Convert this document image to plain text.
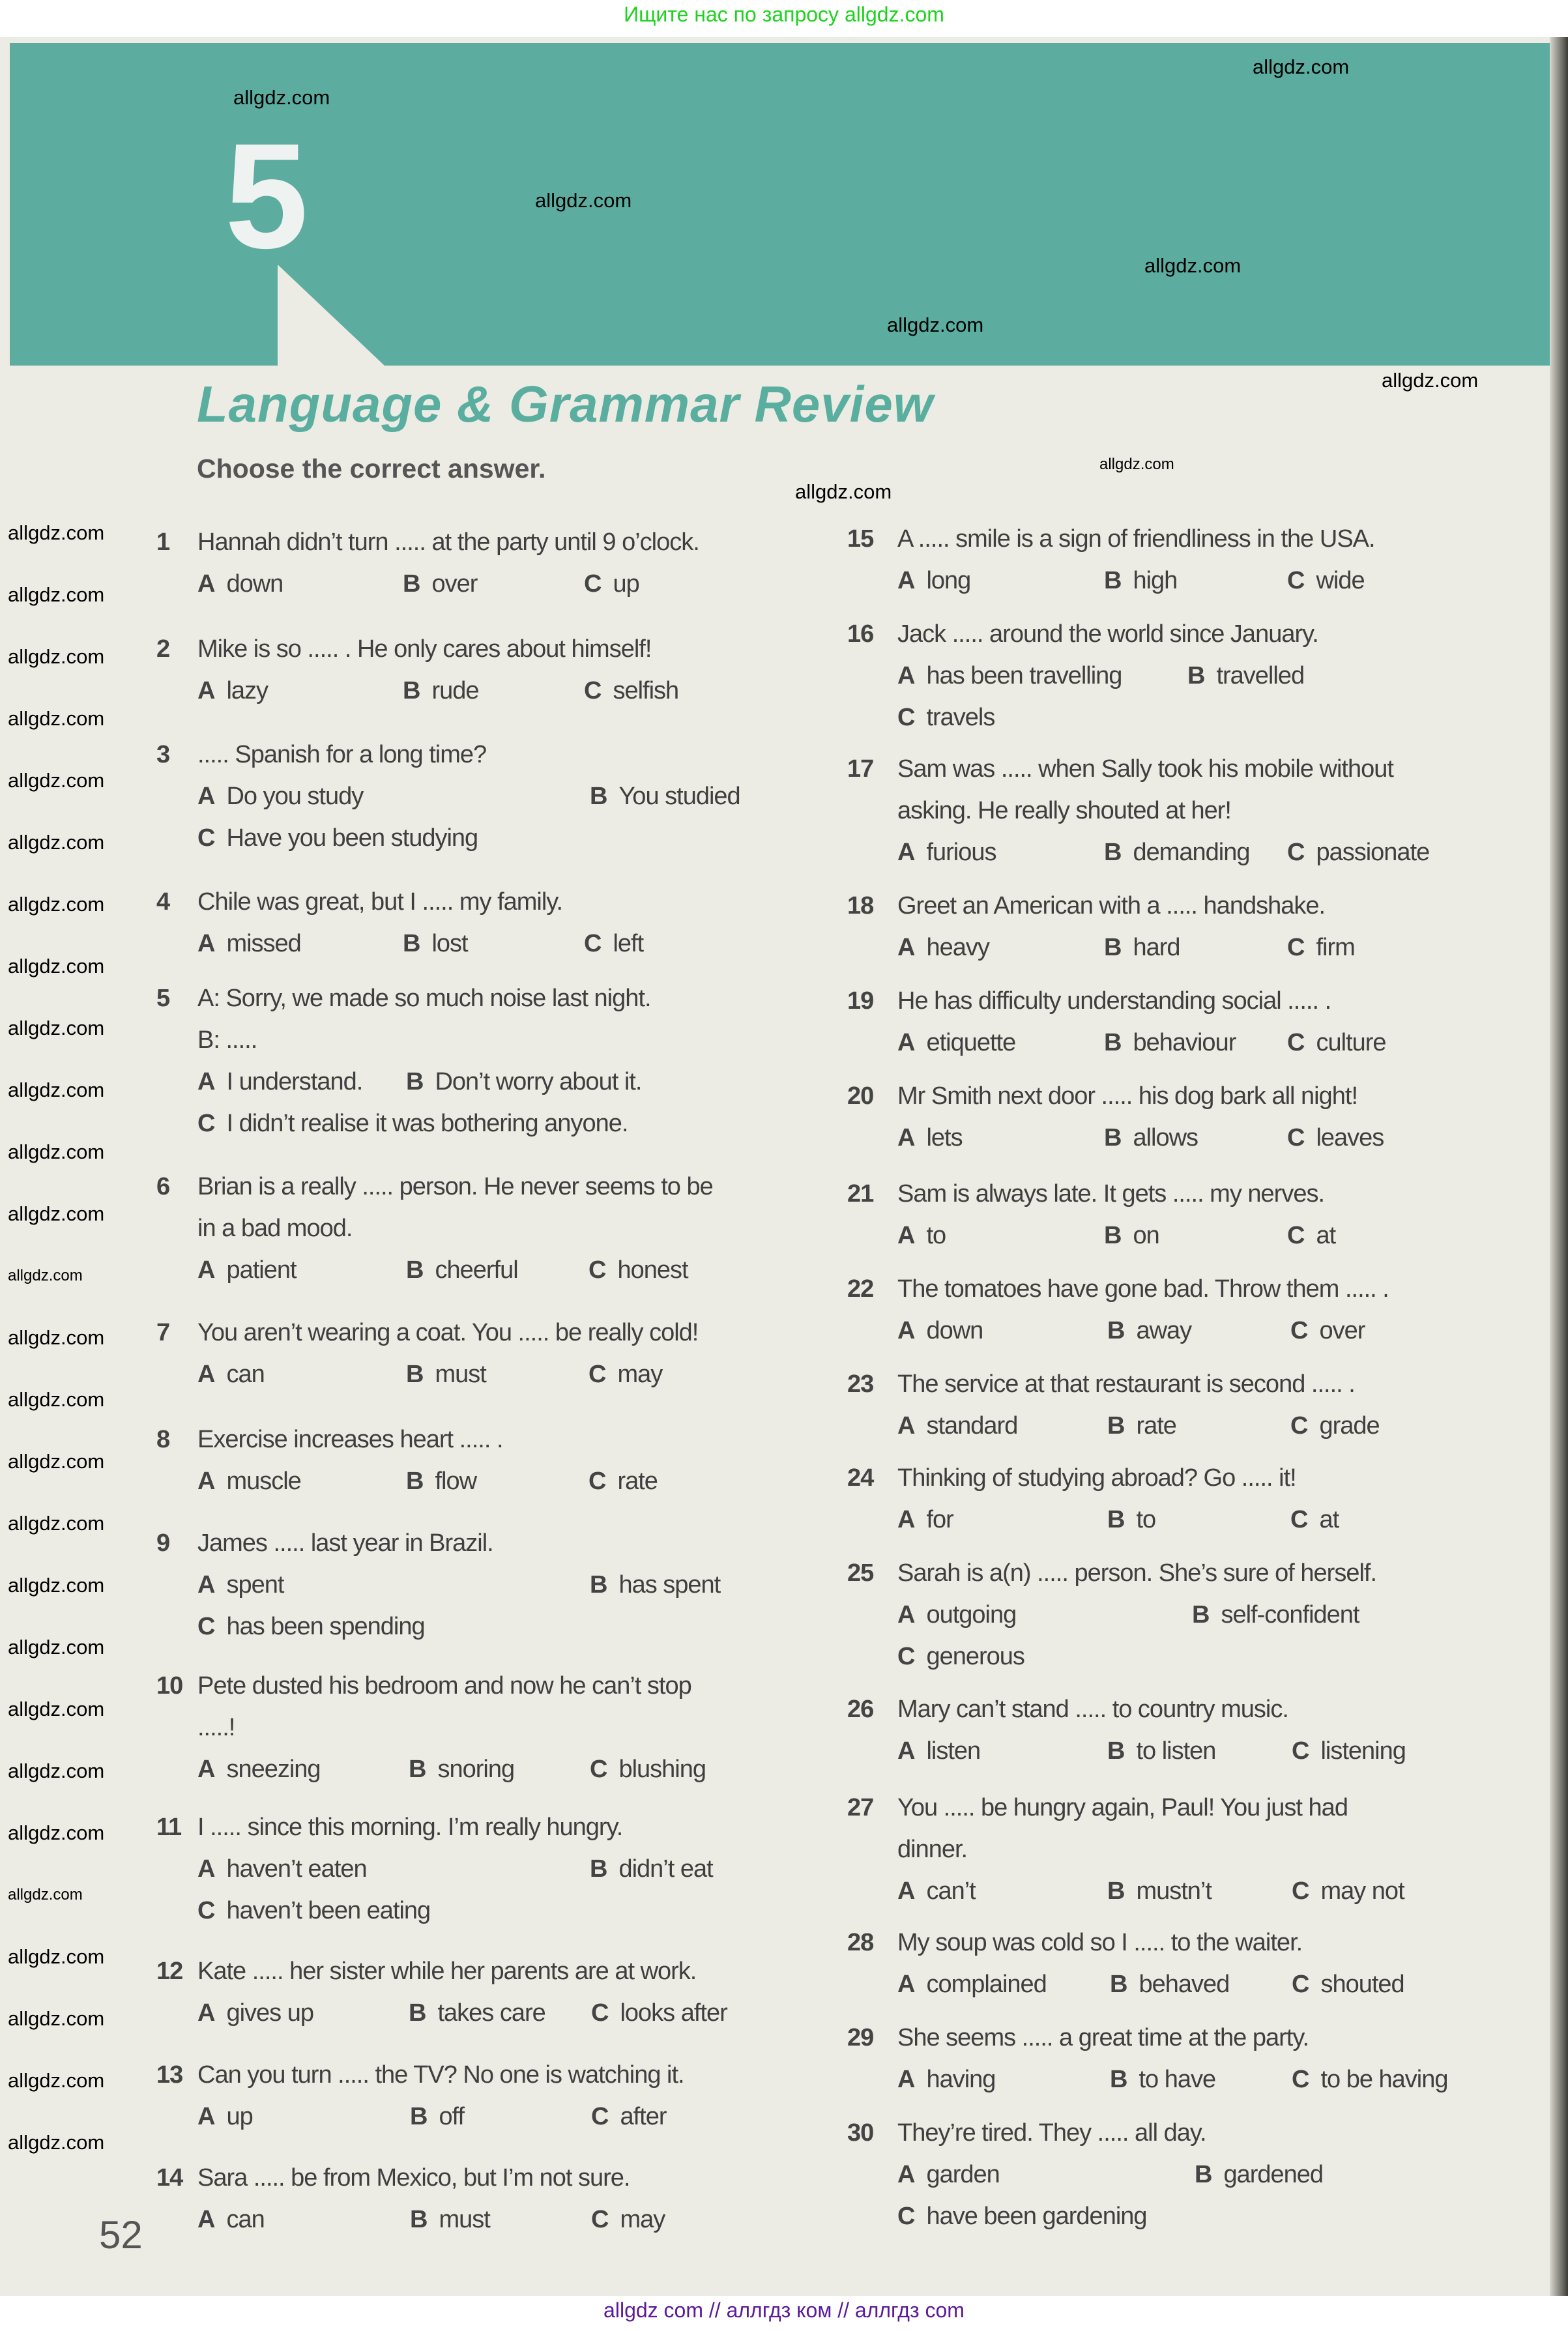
Ищите нас по запросу allgdz.com
5
Language & Grammar Review
Choose the correct answer.
1 Hannah didn’t turn ..... at the party until 9 o’clock.
A down	B over	C up
2 Mike is so ..... . He only cares about himself!
A lazy	B rude	C selfish
3 ..... Spanish for a long time?
A Do you study	B You studied
C Have you been studying
4 Chile was great, but I ..... my family.
A missed	B lost	C left
5 A: Sorry, we made so much noise last night.
B: .....
A I understand. B Don’t worry about it.
C I didn’t realise it was bothering anyone.
6 Brian is a really ..... person. He never seems to be
in a bad mood.
A patient	B cheerful	C honest
7 You aren’t wearing a coat. You ..... be really cold!
A can	B must	C may
8 Exercise increases heart ..... .
A muscle	B flow	C rate
9 James ..... last year in Brazil.
A spent	B has spent
C has been spending
10 Pete dusted his bedroom and now he can’t stop
.....!
A sneezing	B snoring	C blushing
11 I ..... since this morning. I’m really hungry.
A haven’t eaten	B didn’t eat
C haven’t been eating
12 Kate ..... her sister while her parents are at work.
A gives up	B takes care C looks after
13 Can you turn ..... the TV? No one is watching it.
A up	B off	C after
14 Sara ..... be from Mexico, but I’m not sure.
A can	B must	C may
15 A ..... smile is a sign of friendliness in the USA.
A long	B high	C wide
16 Jack ..... around the world since January.
A has been travelling	B travelled
C travels
17 Sam was ..... when Sally took his mobile without
asking. He really shouted at her!
A furious	B demanding C passionate
18 Greet an American with a ..... handshake.
A heavy	B hard	C firm
19 He has difficulty understanding social ..... .
A etiquette	B behaviour C culture
20 Mr Smith next door ..... his dog bark all night!
A lets	B allows	C leaves
21 Sam is always late. It gets ..... my nerves.
A to	B on	C at
22 The tomatoes have gone bad. Throw them ..... .
A down	B away	C over
23 The service at that restaurant is second ..... .
A standard	B rate	C grade
24 Thinking of studying abroad? Go ..... it!
A for	B to	C at
25 Sarah is a(n) ..... person. She’s sure of herself.
A outgoing	B self-confident
C generous
26 Mary can’t stand ..... to country music.
A listen	B to listen	C listening
27 You ..... be hungry again, Paul! You just had
dinner.
A can’t	B mustn’t	C may not
28 My soup was cold so I ..... to the waiter.
A complained	B behaved	C shouted
29 She seems ..... a great time at the party.
A having	B to have	C to be having
30 They’re tired. They ..... all day.
A garden	B gardened
C have been gardening
52
allgdz.com
allgdz.com
allgdz.com
allgdz.com
allgdz.com
allgdz.com
allgdz.com
allgdz.com
allgdz.com
allgdz.com
allgdz.com
allgdz.com
allgdz.com
allgdz.com
allgdz.com
allgdz.com
allgdz.com
allgdz.com
allgdz.com
allgdz.com
allgdz.com
allgdz.com
allgdz.com
allgdz.com
allgdz.com
allgdz.com
allgdz.com
allgdz.com
allgdz.com
allgdz.com
allgdz.com
allgdz.com
allgdz.com
allgdz.com
allgdz.com
allgdz com // аллгдз ком // аллгдз com
